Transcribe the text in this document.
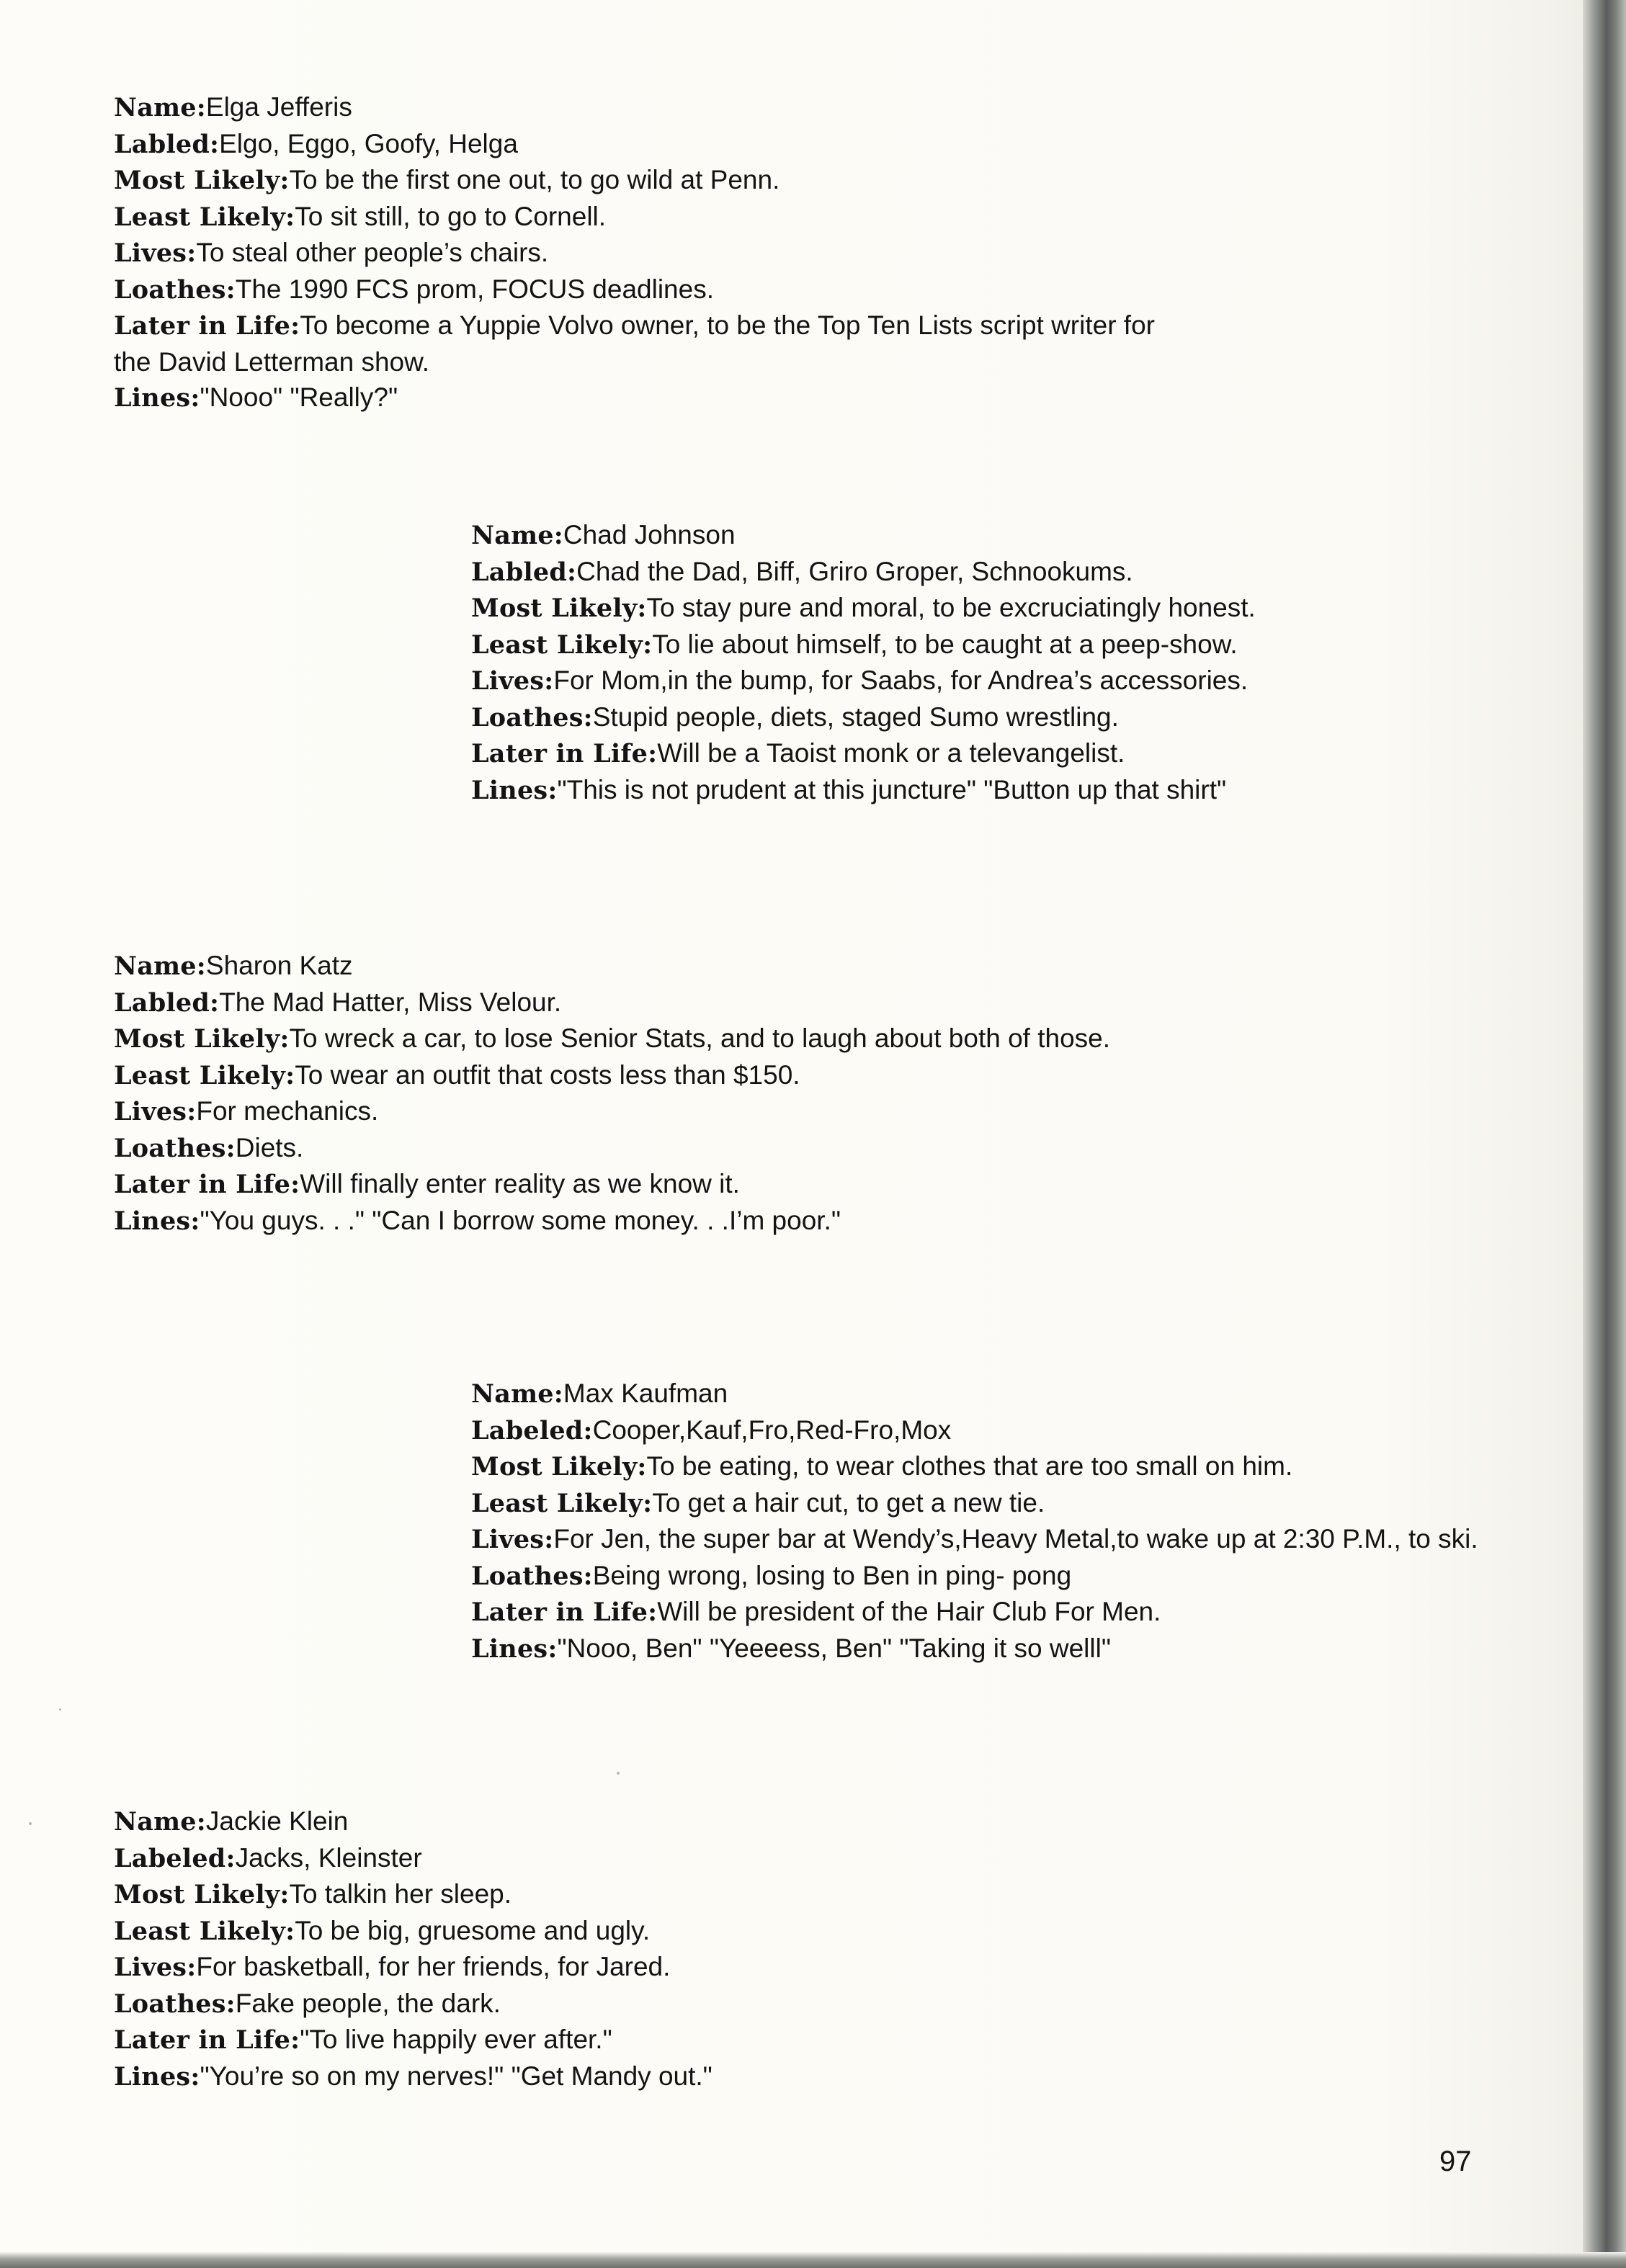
Name:Elga Jefferis
Labled:Elgo, Eggo, Goofy, Helga
Most Likely:To be the first one out, to go wild at Penn.
Least Likely:To sit still, to go to Cornell.
Lives:To steal other people’s chairs.
Loathes:The 1990 FCS prom, FOCUS deadlines.
Later in Life:To become a Yuppie Volvo owner, to be the Top Ten Lists script writer for the David Letterman show.
Lines:"Nooo" "Really?"
Name:Chad Johnson
Labled:Chad the Dad, Biff, Griro Groper, Schnookums.
Most Likely:To stay pure and moral, to be excruciatingly honest.
Least Likely:To lie about himself, to be caught at a peep-show.
Lives:For Mom,in the bump, for Saabs, for Andrea’s accessories.
Loathes:Stupid people, diets, staged Sumo wrestling.
Later in Life:Will be a Taoist monk or a televangelist.
Lines:"This is not prudent at this juncture" "Button up that shirt"
Name:Sharon Katz
Labled:The Mad Hatter, Miss Velour.
Most Likely:To wreck a car, to lose Senior Stats, and to laugh about both of those.
Least Likely:To wear an outfit that costs less than $150.
Lives:For mechanics.
Loathes:Diets.
Later in Life:Will finally enter reality as we know it.
Lines:"You guys. . ." "Can I borrow some money. . .I’m poor."
Name:Max Kaufman
Labeled:Cooper,Kauf,Fro,Red-Fro,Mox
Most Likely:To be eating, to wear clothes that are too small on him.
Least Likely:To get a hair cut, to get a new tie.
Lives:For Jen, the super bar at Wendy’s,Heavy Metal,to wake up at 2:30 P.M., to ski.
Loathes:Being wrong, losing to Ben in ping- pong
Later in Life:Will be president of the Hair Club For Men.
Lines:"Nooo, Ben" "Yeeeess, Ben" "Taking it so welll"
Name:Jackie Klein
Labeled:Jacks, Kleinster
Most Likely:To talkin her sleep.
Least Likely:To be big, gruesome and ugly.
Lives:For basketball, for her friends, for Jared.
Loathes:Fake people, the dark.
Later in Life:"To live happily ever after."
Lines:"You’re so on my nerves!" "Get Mandy out."
97
